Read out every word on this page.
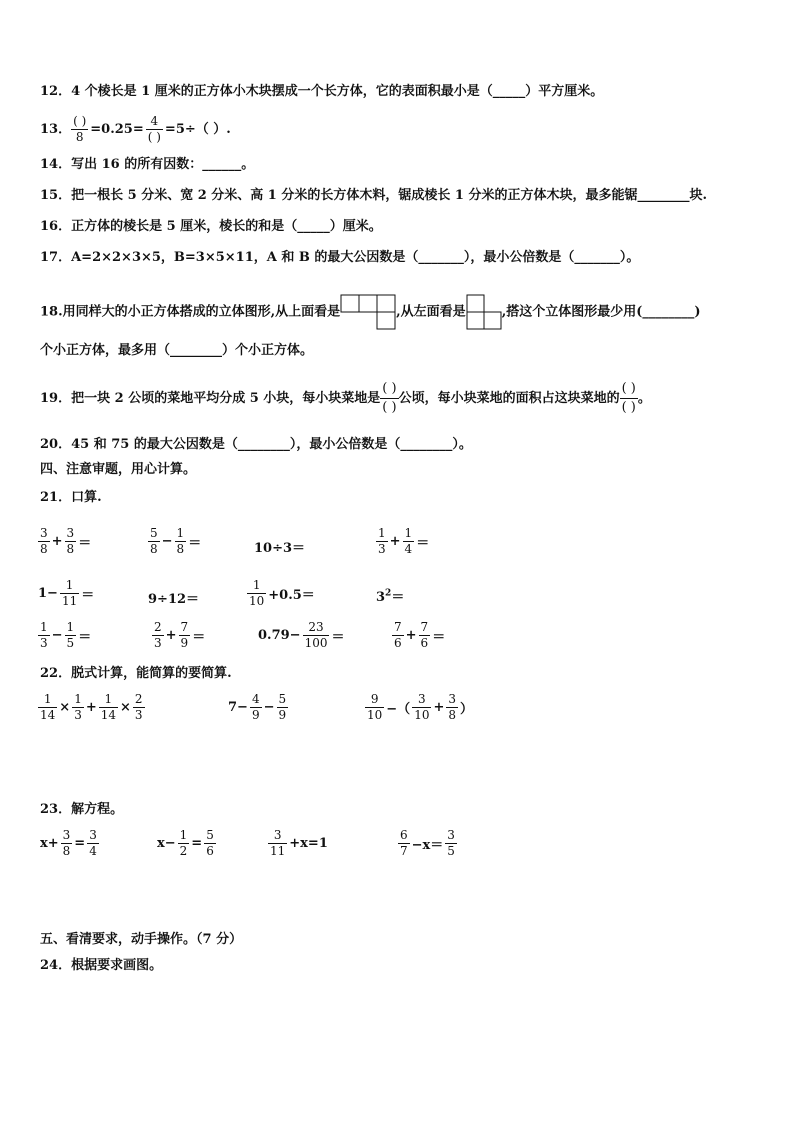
12．4 个棱长是 1 厘米的正方体小木块摆成一个长方体，它的表面积最小是（_____）平方厘米。
13． $\frac{( )}{8} =0.25= \frac{4}{( )} =5\div$（ ）.
14．写出 16 的所有因数：______。
15．把一根长 5 分米、宽 2 分米、高 1 分米的长方体木料，锯成棱长 1 分米的正方体木块，最多能锯________块.
16．正方体的棱长是 5 厘米，棱长的和是（_____）厘米。
17．A=2×2×3×5，B=3×5×11，A 和 B 的最大公因数是（_______），最小公倍数是（_______）。
18.用同样大的小正方体搭成的立体图形,从上面看是	,从左面看是	,搭这个立体图形最少用(________)
个小正方体，最多用（________）个小正方体。
19．把一块 2 公顷的菜地平均分成 5 小块，每小块菜地是 $\frac{( )}{( )}$ 公顷，每小块菜地的面积占这块菜地的 $\frac{( )}{( )}$ 。
20．45 和 75 的最大公因数是（________），最小公倍数是（________）。
四、注意审题，用心计算。
21．口算.
$\frac{3}{8} + \frac{3}{8}$ ＝	$\frac{5}{8} - \frac{1}{8}$ ＝	10÷3＝	$\frac{1}{3} + \frac{1}{4}$ ＝
$1- \frac{1}{11}$ ＝	9÷12＝	$\frac{1}{10} +0.5=$	$3^2=$
$\frac{1}{3} - \frac{1}{5}$ ＝	$\frac{2}{3} + \frac{7}{9}$ ＝	$0.79- \frac{23}{100}$ ＝	$\frac{7}{6} + \frac{7}{6}$ ＝
22．脱式计算，能简算的要简算.
$\frac{1}{14} \times \frac{1}{3} + \frac{1}{14} \times \frac{2}{3}$	$7- \frac{4}{9} - \frac{5}{9}$	$\frac{9}{10}$ −（ $\frac{3}{10} + \frac{3}{8}$ ）
23．解方程。
$x+ \frac{3}{8} = \frac{3}{4}$	$x- \frac{1}{2} = \frac{5}{6}$	$\frac{3}{11} +x=1$	$\frac{6}{7} -x= \frac{3}{5}$
五、看清要求，动手操作。（7 分）
24．根据要求画图。
